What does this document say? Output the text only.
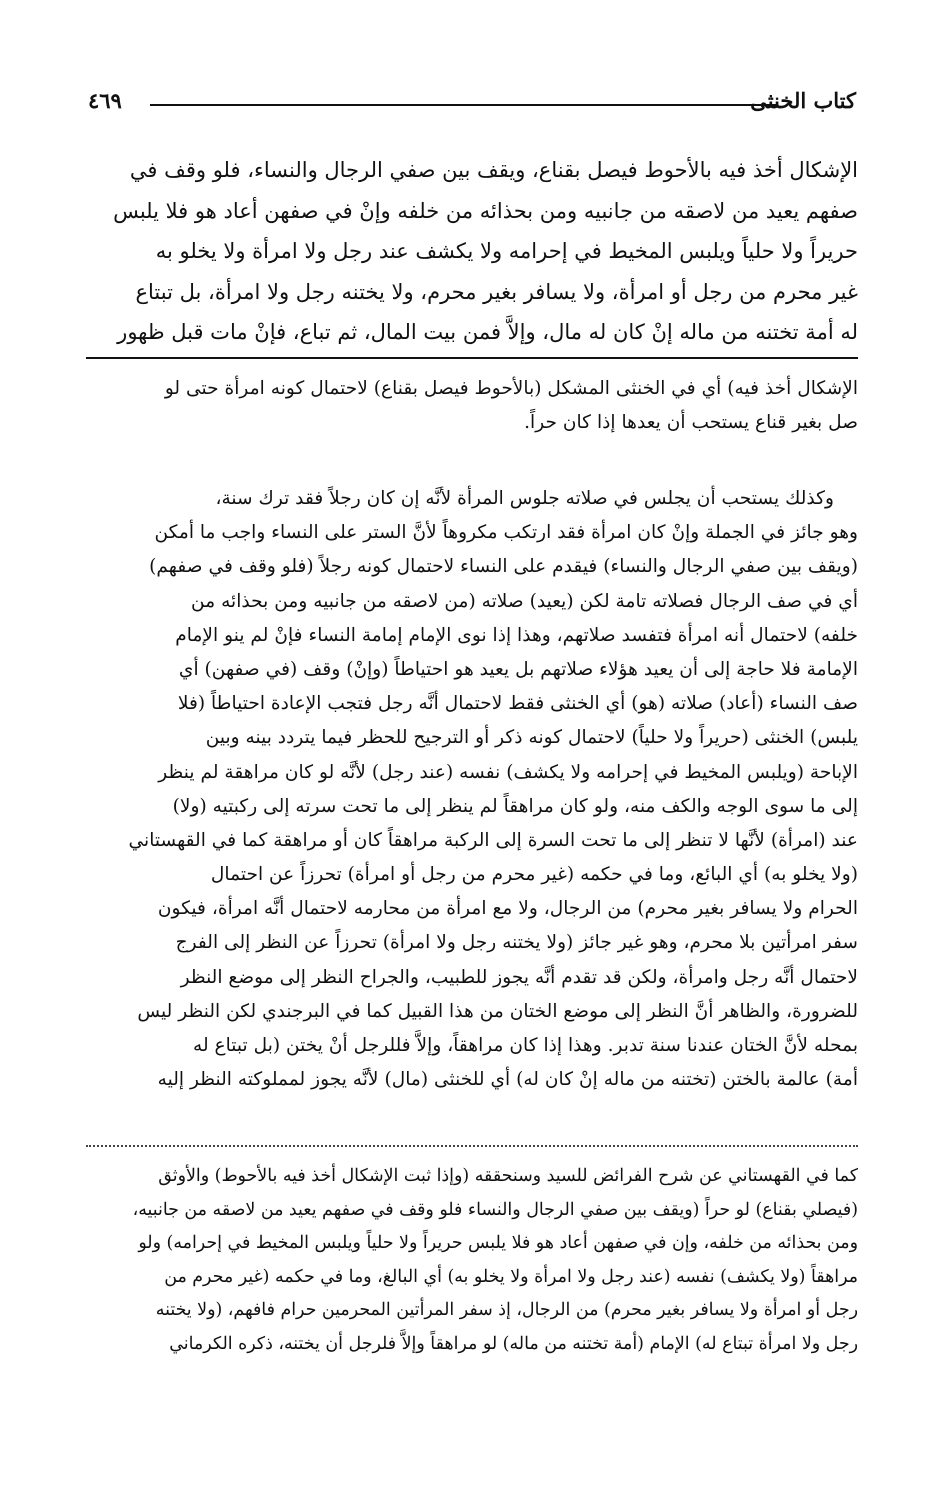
كتاب الخنثى
٤٦٩
الإشكال أخذ فيه بالأحوط فيصل بقناع، ويقف بين صفي الرجال والنساء، فلو وقف في
صفهم يعيد من لاصقه من جانبيه ومن بحذائه من خلفه وإنْ في صفهن أعاد هو فلا يلبس
حريراً ولا حلياً ويلبس المخيط في إحرامه ولا يكشف عند رجل ولا امرأة ولا يخلو به
غير محرم من رجل أو امرأة، ولا يسافر بغير محرم، ولا يختنه رجل ولا امرأة، بل تبتاع
له أمة تختنه من ماله إنْ كان له مال، وإلاَّ فمن بيت المال، ثم تباع، فإنْ مات قبل ظهور
الإشكال أخذ فيه) أي في الخنثى المشكل (بالأحوط فيصل بقناع) لاحتمال كونه امرأة حتى لو
صل بغير قناع يستحب أن يعدها إذا كان حراً.
وكذلك يستحب أن يجلس في صلاته جلوس المرأة لأنَّه إن كان رجلاً فقد ترك سنة،
وهو جائز في الجملة وإنْ كان امرأة فقد ارتكب مكروهاً لأنَّ الستر على النساء واجب ما أمكن
(ويقف بين صفي الرجال والنساء) فيقدم على النساء لاحتمال كونه رجلاً (فلو وقف في صفهم)
أي في صف الرجال فصلاته تامة لكن (يعيد) صلاته (من لاصقه من جانبيه ومن بحذائه من
خلفه) لاحتمال أنه امرأة فتفسد صلاتهم، وهذا إذا نوى الإمام إمامة النساء فإنْ لم ينو الإمام
الإمامة فلا حاجة إلى أن يعيد هؤلاء صلاتهم بل يعيد هو احتياطاً (وإنْ) وقف (في صفهن) أي
صف النساء (أعاد) صلاته (هو) أي الخنثى فقط لاحتمال أنَّه رجل فتجب الإعادة احتياطاً (فلا
يلبس) الخنثى (حريراً ولا حلياً) لاحتمال كونه ذكر أو الترجيح للحظر فيما يتردد بينه وبين
الإباحة (ويلبس المخيط في إحرامه ولا يكشف) نفسه (عند رجل) لأنَّه لو كان مراهقة لم ينظر
إلى ما سوى الوجه والكف منه، ولو كان مراهقاً لم ينظر إلى ما تحت سرته إلى ركبتيه (ولا)
عند (امرأة) لأنَّها لا تنظر إلى ما تحت السرة إلى الركبة مراهقاً كان أو مراهقة كما في القهستاني
(ولا يخلو به) أي البائع، وما في حكمه (غير محرم من رجل أو امرأة) تحرزاً عن احتمال
الحرام ولا يسافر بغير محرم) من الرجال، ولا مع امرأة من محارمه لاحتمال أنَّه امرأة، فيكون
سفر امرأتين بلا محرم، وهو غير جائز (ولا يختنه رجل ولا امرأة) تحرزاً عن النظر إلى الفرج
لاحتمال أنَّه رجل وامرأة، ولكن قد تقدم أنَّه يجوز للطبيب، والجراح النظر إلى موضع النظر
للضرورة، والظاهر أنَّ النظر إلى موضع الختان من هذا القبيل كما في البرجندي لكن النظر ليس
بمحله لأنَّ الختان عندنا سنة تدبر. وهذا إذا كان مراهقاً، وإلاَّ فللرجل أنْ يختن (بل تبتاع له
أمة) عالمة بالختن (تختنه من ماله إنْ كان له) أي للخنثى (مال) لأنَّه يجوز لمملوكته النظر إليه
كما في القهستاني عن شرح الفرائض للسيد وسنحققه (وإذا ثبت الإشكال أخذ فيه بالأحوط) والأوثق
(فيصلي بقناع) لو حراً (ويقف بين صفي الرجال والنساء فلو وقف في صفهم يعيد من لاصقه من جانبيه،
ومن بحذائه من خلفه، وإن في صفهن أعاد هو فلا يلبس حريراً ولا حلياً ويلبس المخيط في إحرامه) ولو
مراهقاً (ولا يكشف) نفسه (عند رجل ولا امرأة ولا يخلو به) أي البالغ، وما في حكمه (غير محرم من
رجل أو امرأة ولا يسافر بغير محرم) من الرجال، إذ سفر المرأتين المحرمين حرام فافهم، (ولا يختنه
رجل ولا امرأة تبتاع له) الإمام (أمة تختنه من ماله) لو مراهقاً وإلاَّ فلرجل أن يختنه، ذكره الكرماني
